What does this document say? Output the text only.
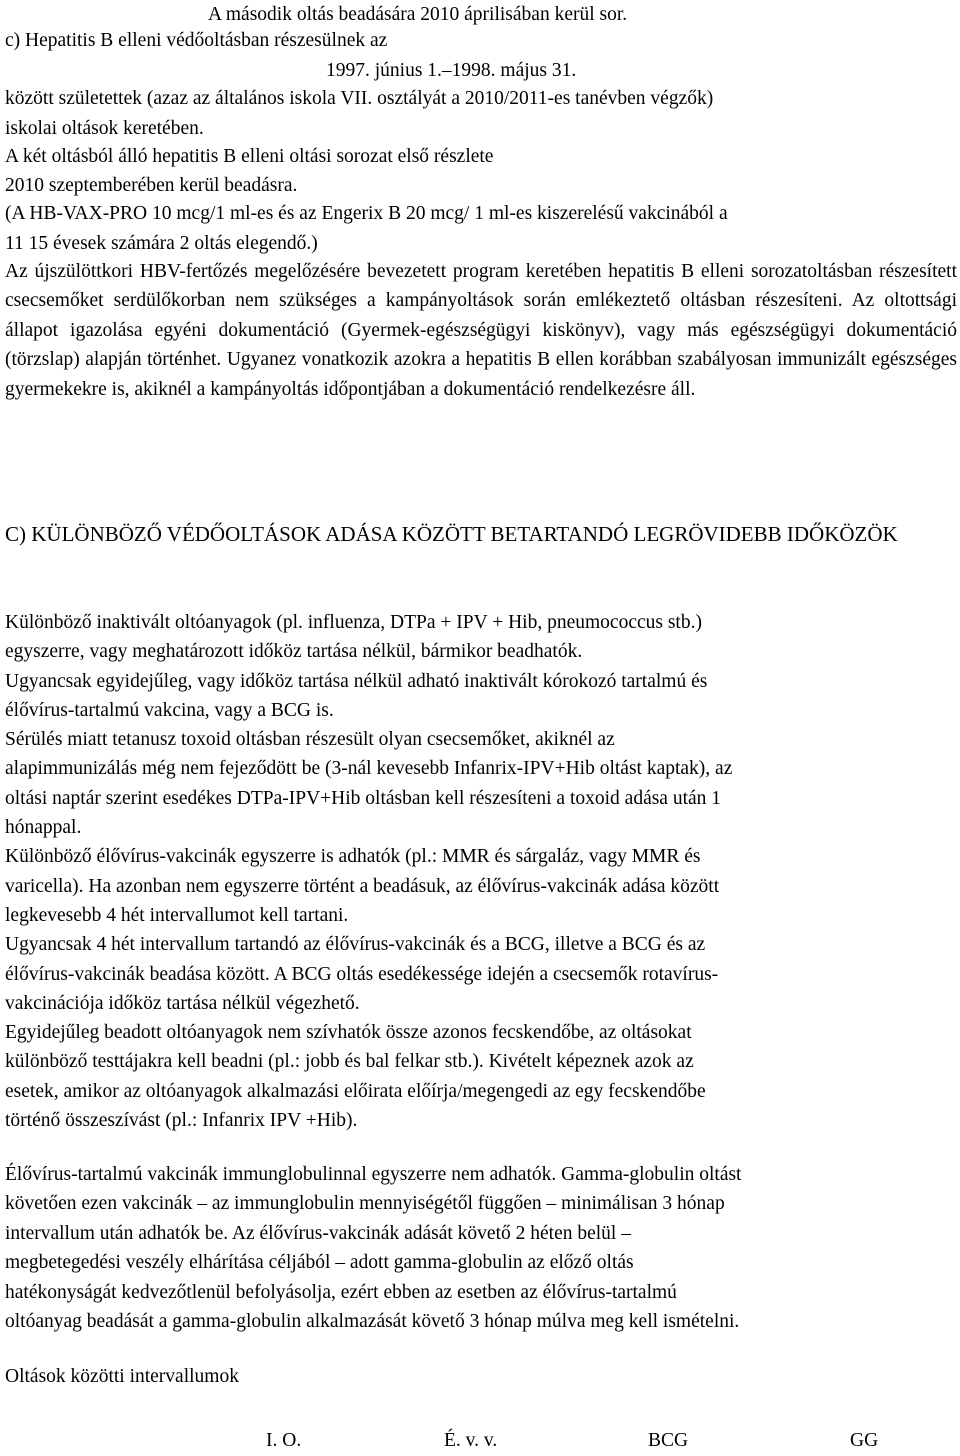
A második oltás beadására 2010 áprilisában kerül sor.
c) Hepatitis B elleni védőoltásban részesülnek az
1997. június 1.–1998. május 31.
között születettek (azaz az általános iskola VII. osztályát a 2010/2011-es tanévben végzők)
iskolai oltások keretében.
A két oltásból álló hepatitis B elleni oltási sorozat első részlete
2010 szeptemberében kerül beadásra.
(A HB-VAX-PRO 10 mcg/1 ml-es és az Engerix B 20 mcg/ 1 ml-es kiszerelésű vakcinából a
11 15 évesek számára 2 oltás elegendő.)
Az újszülöttkori HBV-fertőzés megelőzésére bevezetett program keretében hepatitis B elleni sorozatoltásban részesített csecsemőket serdülőkorban nem szükséges a kampányoltások során emlékeztető oltásban részesíteni. Az oltottsági állapot igazolása egyéni dokumentáció (Gyermek-egészségügyi kiskönyv), vagy más egészségügyi dokumentáció (törzslap) alapján történhet. Ugyanez vonatkozik azokra a hepatitis B ellen korábban szabályosan immunizált egészséges gyermekekre is, akiknél a kampányoltás időpontjában a dokumentáció rendelkezésre áll.
C) KÜLÖNBÖZŐ VÉDŐOLTÁSOK ADÁSA KÖZÖTT BETARTANDÓ LEGRÖVIDEBB IDŐKÖZÖK
Különböző inaktivált oltóanyagok (pl. influenza, DTPa + IPV + Hib, pneumococcus stb.)
egyszerre, vagy meghatározott időköz tartása nélkül, bármikor beadhatók.
Ugyancsak egyidejűleg, vagy időköz tartása nélkül adható inaktivált kórokozó tartalmú és
élővírus-tartalmú vakcina, vagy a BCG is.
Sérülés miatt tetanusz toxoid oltásban részesült olyan csecsemőket, akiknél az
alapimmunizálás még nem fejeződött be (3-nál kevesebb Infanrix-IPV+Hib oltást kaptak), az
oltási naptár szerint esedékes DTPa-IPV+Hib oltásban kell részesíteni a toxoid adása után 1
hónappal.
Különböző élővírus-vakcinák egyszerre is adhatók (pl.: MMR és sárgaláz, vagy MMR és
varicella). Ha azonban nem egyszerre történt a beadásuk, az élővírus-vakcinák adása között
legkevesebb 4 hét intervallumot kell tartani.
Ugyancsak 4 hét intervallum tartandó az élővírus-vakcinák és a BCG, illetve a BCG és az
élővírus-vakcinák beadása között. A BCG oltás esedékessége idején a csecsemők rotavírus-
vakcinációja időköz tartása nélkül végezhető.
Egyidejűleg beadott oltóanyagok nem szívhatók össze azonos fecskendőbe, az oltásokat
különböző testtájakra kell beadni (pl.: jobb és bal felkar stb.). Kivételt képeznek azok az
esetek, amikor az oltóanyagok alkalmazási előirata előírja/megengedi az egy fecskendőbe
történő összeszívást (pl.: Infanrix IPV +Hib).
Élővírus-tartalmú vakcinák immunglobulinnal egyszerre nem adhatók. Gamma-globulin oltást
követően ezen vakcinák – az immunglobulin mennyiségétől függően – minimálisan 3 hónap
intervallum után adhatók be. Az élővírus-vakcinák adását követő 2 héten belül –
megbetegedési veszély elhárítása céljából – adott gamma-globulin az előző oltás
hatékonyságát kedvezőtlenül befolyásolja, ezért ebben az esetben az élővírus-tartalmú
oltóanyag beadását a gamma-globulin alkalmazását követő 3 hónap múlva meg kell ismételni.
Oltások közötti intervallumok
I. O.	É. v. v.	BCG	GG
